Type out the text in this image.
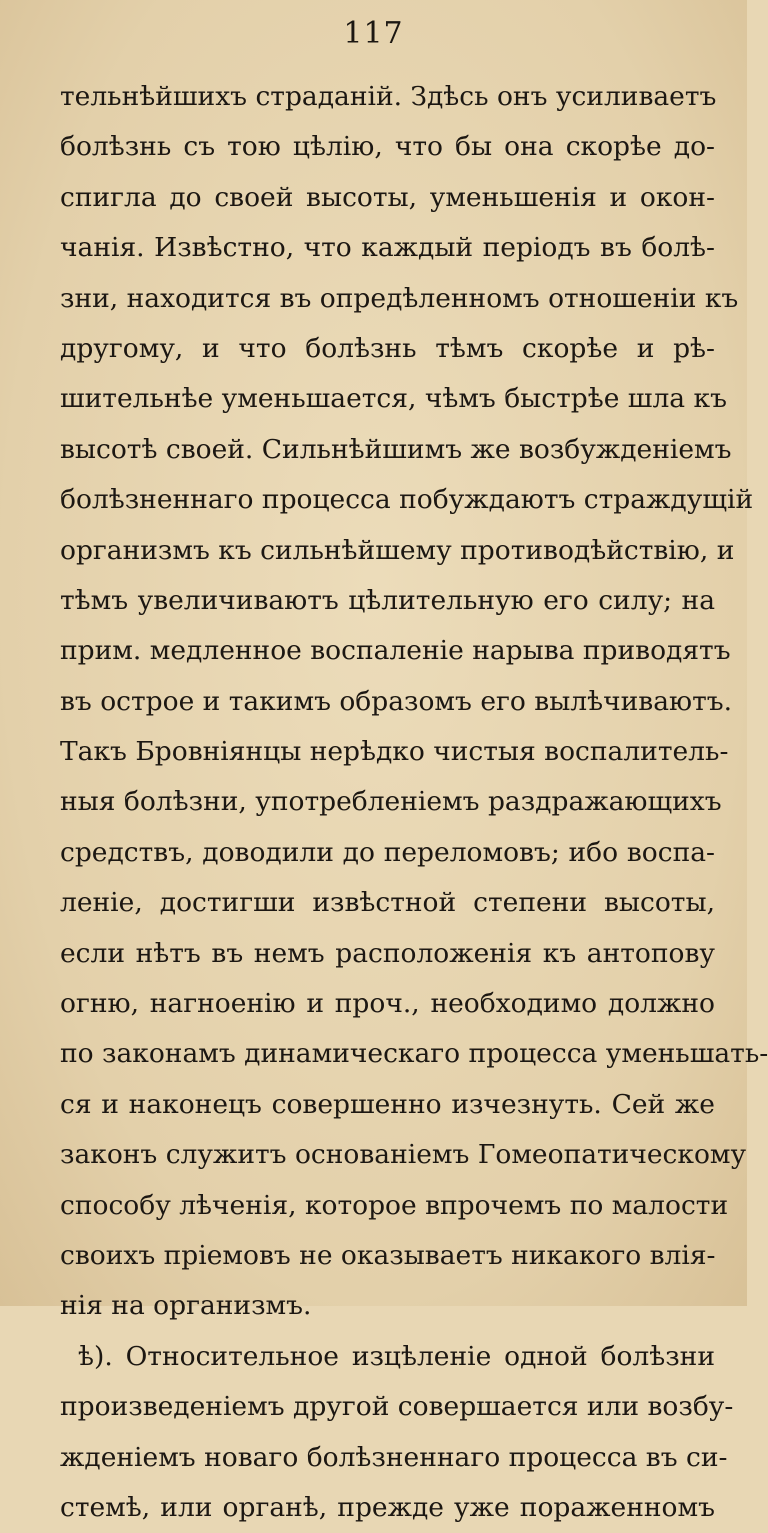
117
тельнѣйшихъ страданій. Здѣсь онъ усиливаетъ
болѣзнь съ тою цѣлію, что бы она скорѣе до-
спигла до своей высоты, уменьшенія и окон-
чанія. Извѣстно, что каждый періодъ въ болѣ-
зни, находится въ опредѣленномъ отношеніи къ
другому, и что болѣзнь тѣмъ скорѣе и рѣ-
шительнѣе уменьшается, чѣмъ быстрѣе шла къ
высотѣ своей. Сильнѣйшимъ же возбужденіемъ
болѣзненнаго процесса побуждаютъ страждущій
организмъ къ сильнѣйшему противодѣйствію, и
тѣмъ увеличиваютъ цѣлительную его силу; на
прим. медленное воспаленіе нарыва приводятъ
въ острое и такимъ образомъ его вылѣчиваютъ.
Такъ Бровніянцы нерѣдко чистыя воспалитель-
ныя болѣзни, употребленіемъ раздражающихъ
средствъ, доводили до переломовъ; ибо воспа-
леніе, достигши извѣстной степени высоты,
если нѣтъ въ немъ расположенія къ антопову
огню, нагноенію и проч., необходимо должно
по законамъ динамическаго процесса уменьшать-
ся и наконецъ совершенно изчезнуть. Сей же
законъ служитъ основаніемъ Гомеопатическому
способу лѣченія, которое впрочемъ по малости
своихъ пріемовъ не оказываетъ никакого влія-
нія на организмъ.
ѣ). Относительное изцѣленіе одной болѣзни
произведеніемъ другой совершается или возбу-
жденіемъ новаго болѣзненнаго процесса въ си-
стемѣ, или органѣ, прежде уже пораженномъ
